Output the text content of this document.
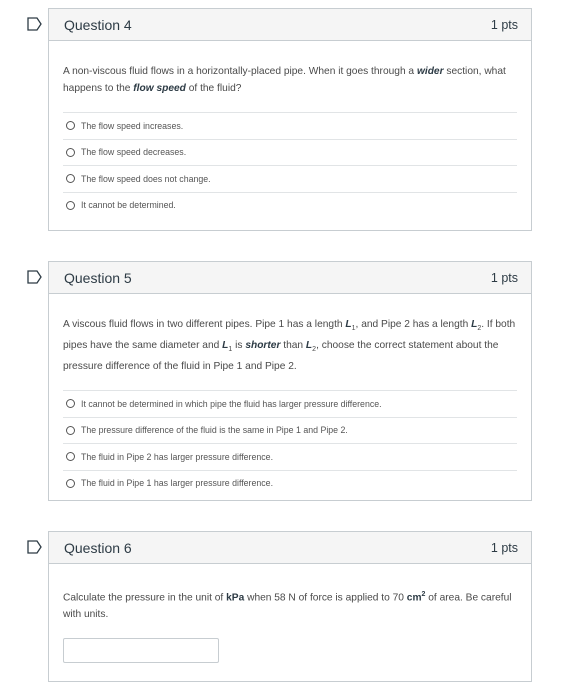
Question 4	1 pts
A non-viscous fluid flows in a horizontally-placed pipe. When it goes through a wider section, what happens to the flow speed of the fluid?
The flow speed increases.
The flow speed decreases.
The flow speed does not change.
It cannot be determined.
Question 5	1 pts
A viscous fluid flows in two different pipes. Pipe 1 has a length $L_1$, and Pipe 2 has a length $L_2$. If both pipes have the same diameter and $L_1$ is shorter than $L_2$, choose the correct statement about the pressure difference of the fluid in Pipe 1 and Pipe 2.
It cannot be determined in which pipe the fluid has larger pressure difference.
The pressure difference of the fluid is the same in Pipe 1 and Pipe 2.
The fluid in Pipe 2 has larger pressure difference.
The fluid in Pipe 1 has larger pressure difference.
Question 6	1 pts
Calculate the pressure in the unit of kPa when 58 N of force is applied to 70 $cm^2$ of area. Be careful with units.
